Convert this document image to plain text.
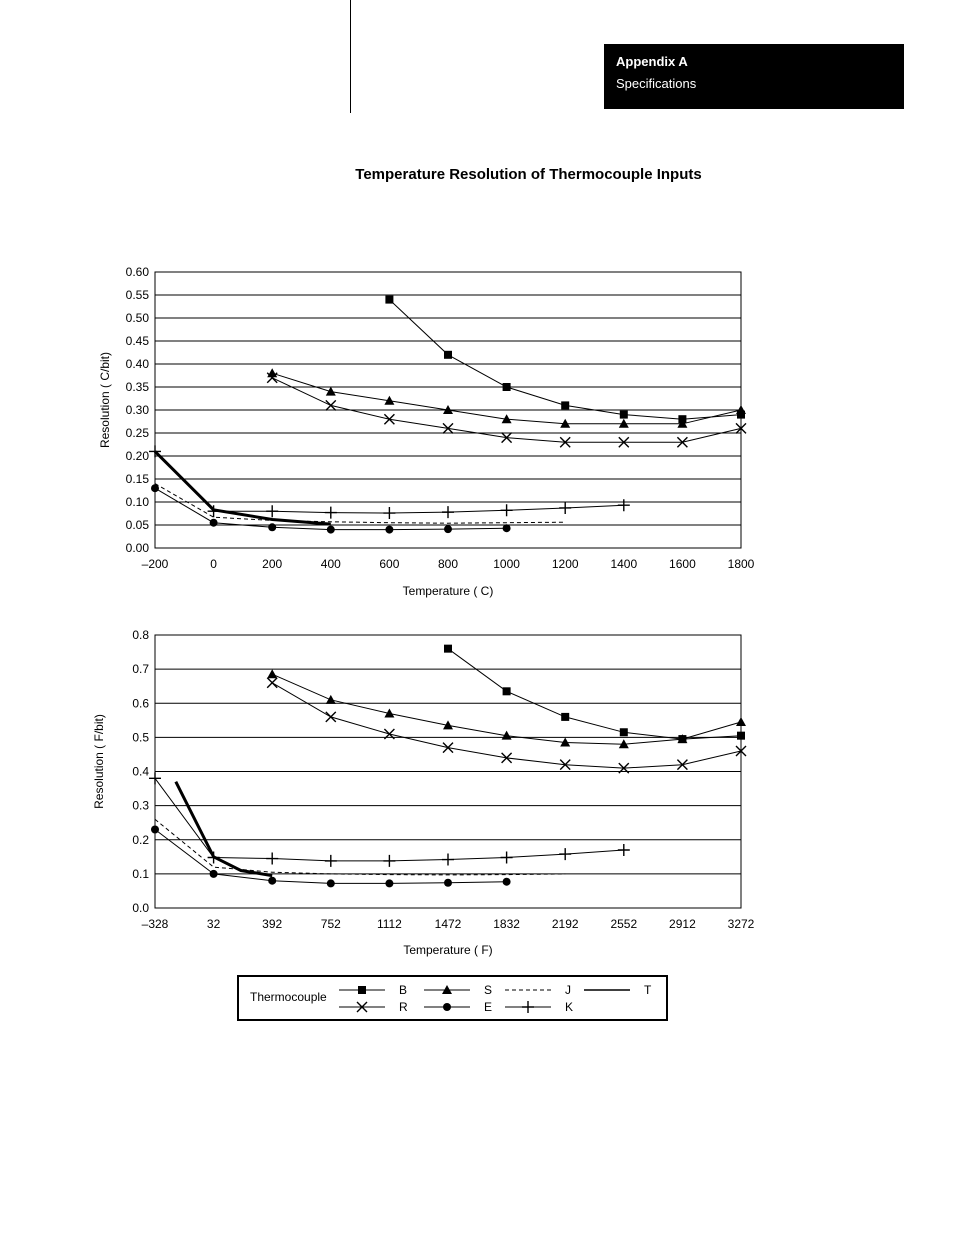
Appendix A
Specifications
Temperature Resolution of Thermocouple Inputs
0.00
0.05
0.10
0.15
0.20
0.25
0.30
0.35
0.40
0.45
0.50
0.55
0.60
–200	0	200	400	600	800	1000	1200	1400	1600	1800
Temperature ( C)
Resolution ( C/bit)
0.0
0.1
0.2
0.3
0.4
0.5
0.6
0.7
0.8
–328	32	392	752	1112	1472	1832	2192	2552	2912	3272
Temperature ( F)
Resolution ( F/bit)
Thermocouple	B
R
S
E
J
K
T
